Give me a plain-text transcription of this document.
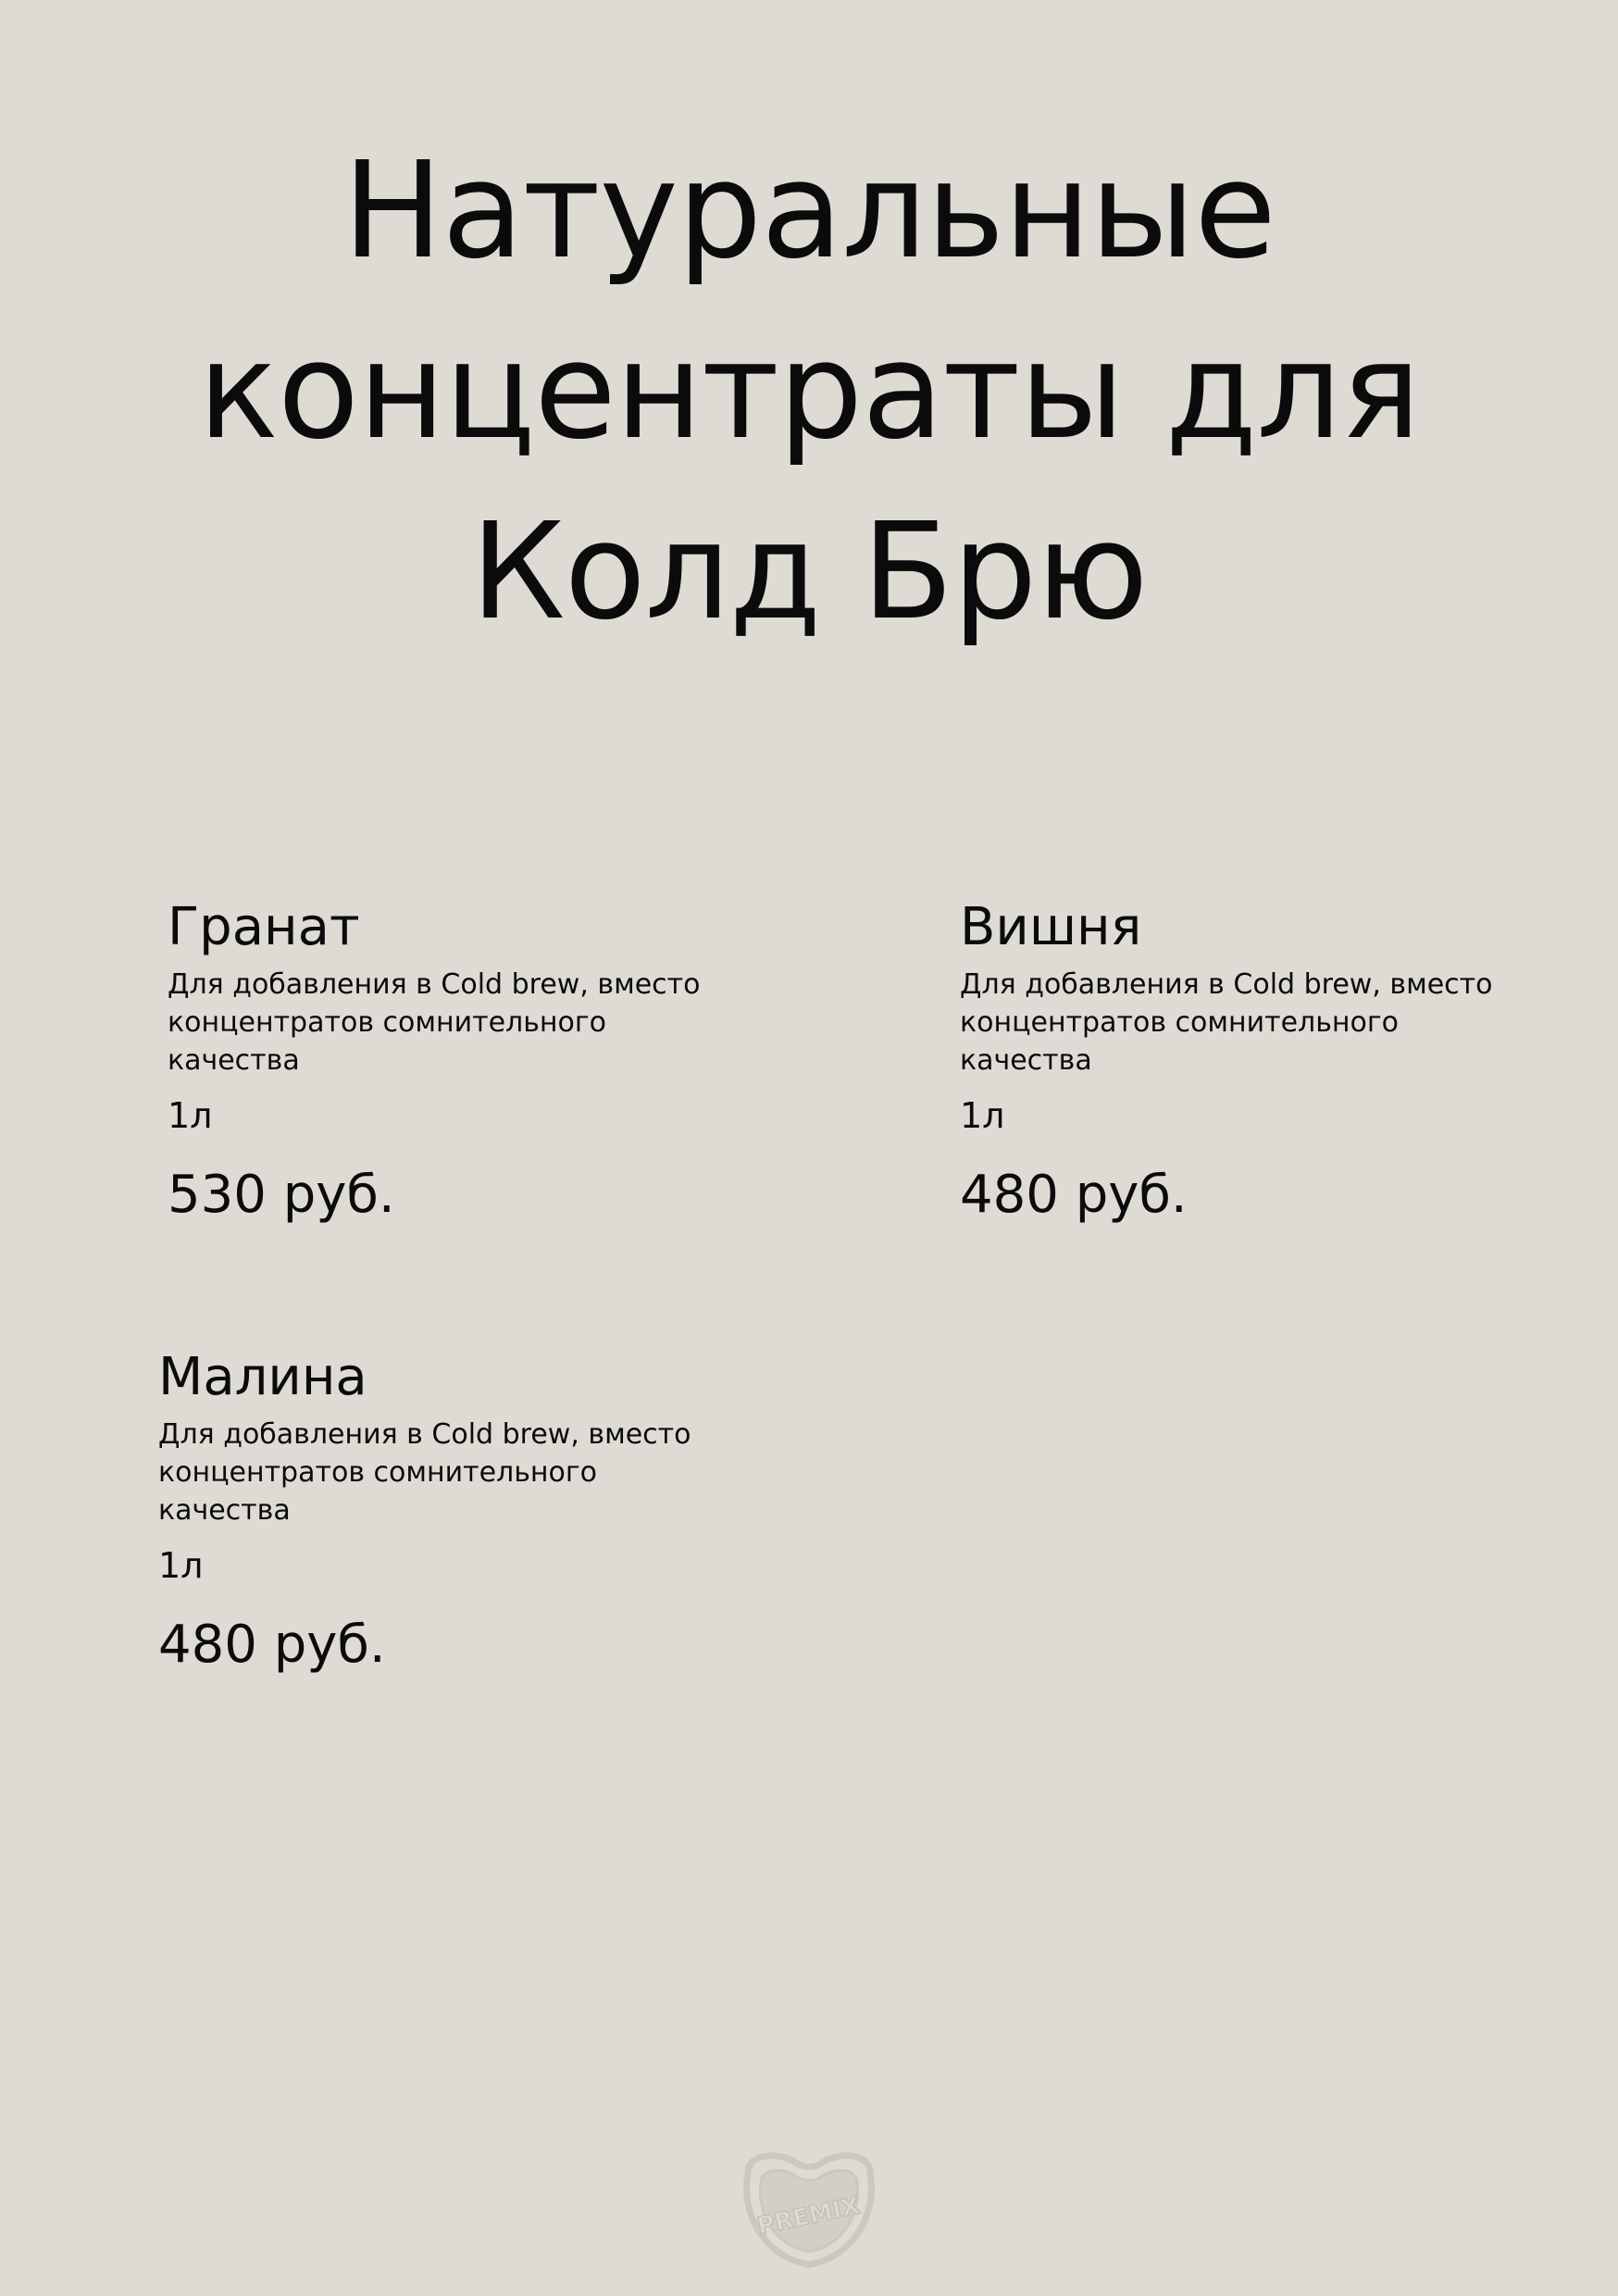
Натуральные
концентраты для
Колд Брю
Гранат

Для добавления в Cold brew, вместо концентратов сомнительного качества

1л

530 руб.

Вишня

Для добавления в Cold brew, вместо концентратов сомнительного качества

1л

480 руб.

Малина

Для добавления в Cold brew, вместо концентратов сомнительного качества

1л

480 руб.

PREMIX
